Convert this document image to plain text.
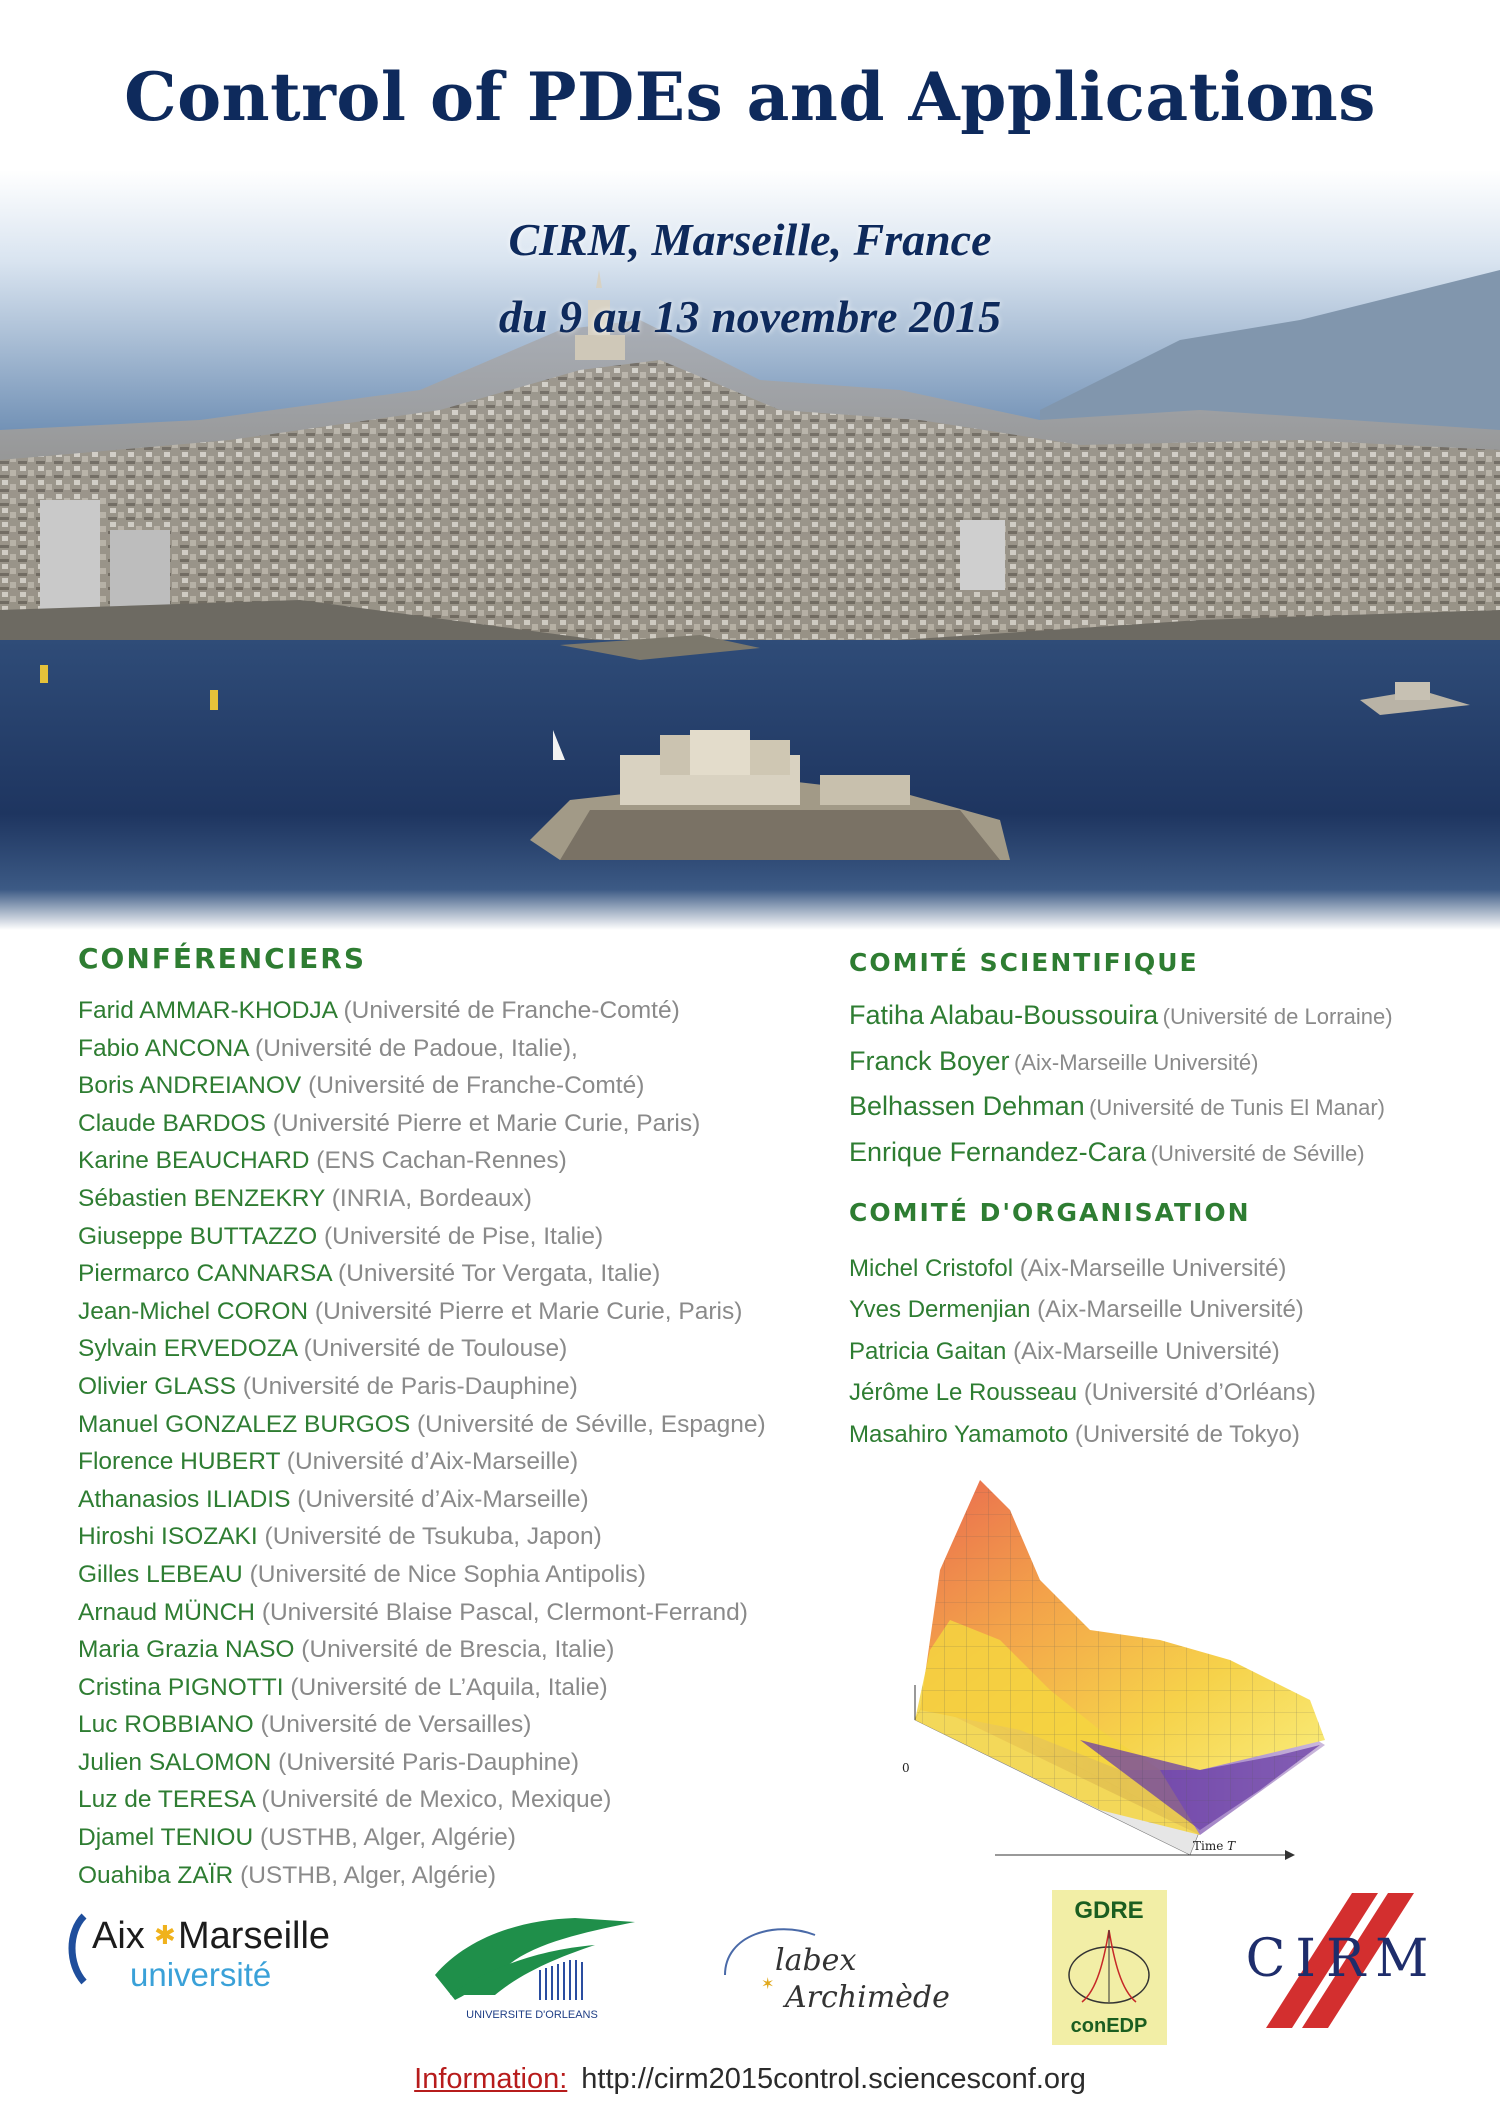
Control of PDEs and Applications
CIRM, Marseille, France
du 9 au 13 novembre 2015
CONFÉRENCIERS
Farid AMMAR-KHODJA (Université de Franche-Comté)
Fabio ANCONA (Université de Padoue, Italie),
Boris ANDREIANOV (Université de Franche-Comté)
Claude BARDOS (Université Pierre et Marie Curie, Paris)
Karine BEAUCHARD (ENS Cachan-Rennes)
Sébastien BENZEKRY (INRIA, Bordeaux)
Giuseppe BUTTAZZO (Université de Pise, Italie)
Piermarco CANNARSA (Université Tor Vergata, Italie)
Jean-Michel CORON (Université Pierre et Marie Curie, Paris)
Sylvain ERVEDOZA (Université de Toulouse)
Olivier GLASS (Université de Paris-Dauphine)
Manuel GONZALEZ BURGOS (Université de Séville, Espagne)
Florence HUBERT (Université d’Aix-Marseille)
Athanasios ILIADIS (Université d’Aix-Marseille)
Hiroshi ISOZAKI (Université de Tsukuba, Japon)
Gilles LEBEAU (Université de Nice Sophia Antipolis)
Arnaud MÜNCH (Université Blaise Pascal, Clermont-Ferrand)
Maria Grazia NASO (Université de Brescia, Italie)
Cristina PIGNOTTI (Université de L’Aquila, Italie)
Luc ROBBIANO (Université de Versailles)
Julien SALOMON (Université Paris-Dauphine)
Luz de TERESA (Université de Mexico, Mexique)
Djamel TENIOU (USTHB, Alger, Algérie)
Ouahiba ZAÏR (USTHB, Alger, Algérie)
COMITÉ SCIENTIFIQUE
Fatiha Alabau-Boussouira (Université de Lorraine)
Franck Boyer (Aix-Marseille Université)
Belhassen Dehman (Université de Tunis El Manar)
Enrique Fernandez-Cara (Université de Séville)
COMITÉ D'ORGANISATION
Michel Cristofol (Aix-Marseille Université)
Yves Dermenjian (Aix-Marseille Université)
Patricia Gaitan (Aix-Marseille Université)
Jérôme Le Rousseau (Université d’Orléans)
Masahiro Yamamoto (Université de Tokyo)
0
Time T
Aix ✱ Marseille
université
UNIVERSITE D'ORLEANS
labex
Archimède
✶
GDRE
conEDP
CIRM
Information: http://cirm2015control.sciencesconf.org
